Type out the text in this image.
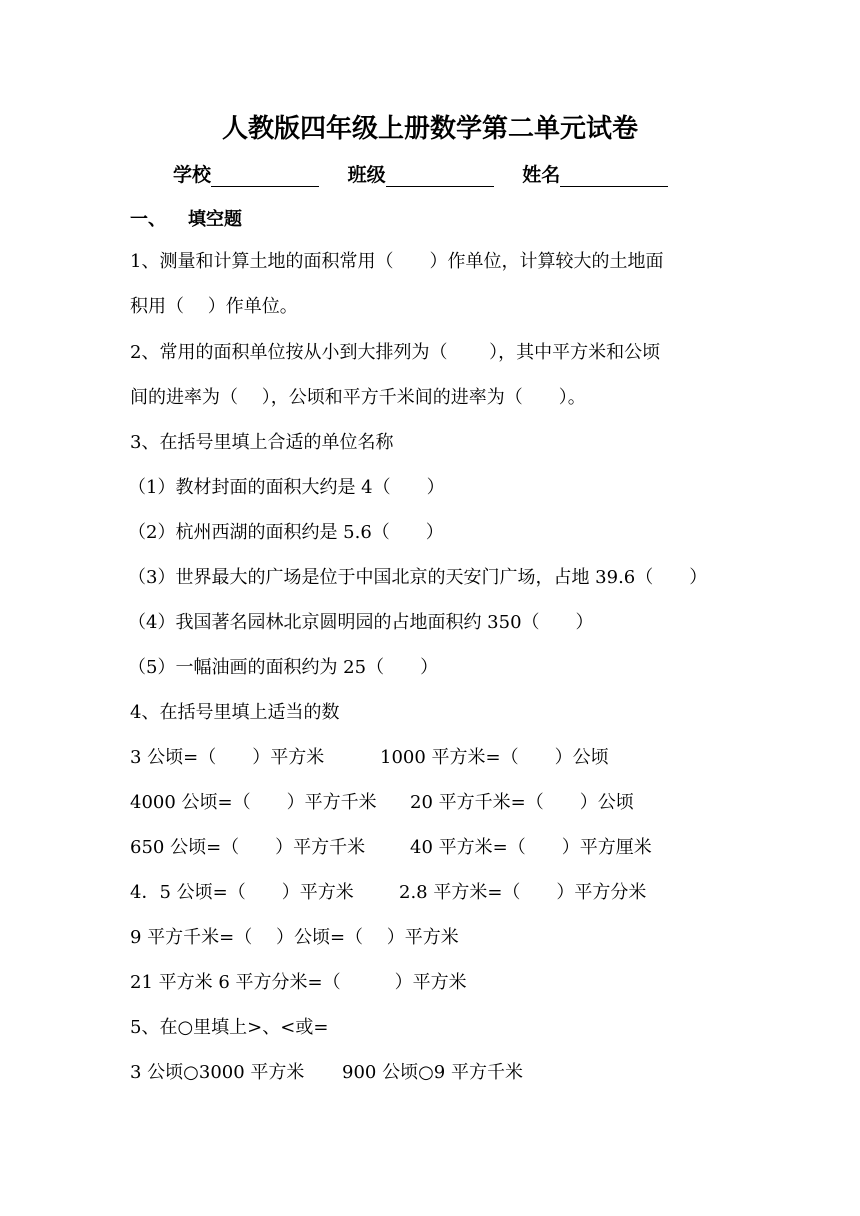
人教版四年级上册数学第二单元试卷
学校	班级	姓名
一、 填空题
1、测量和计算土地的面积常用（　　）作单位，计算较大的土地面
积用（　 ）作单位。
2、常用的面积单位按从小到大排列为（　　 ），其中平方米和公顷
间的进率为（　 ），公顷和平方千米间的进率为（　　）。
3、在括号里填上合适的单位名称
（1）教材封面的面积大约是 4（　　）
（2）杭州西湖的面积约是 5.6（　　）
（3）世界最大的广场是位于中国北京的天安门广场，占地 39.6（　　）
（4）我国著名园林北京圆明园的占地面积约 350（　　）
（5）一幅油画的面积约为 25（　　）
4、在括号里填上适当的数
3 公顷=（　　）平方米	1000 平方米=（　　）公顷
4000 公顷=（　　）平方千米 20 平方千米=（　　）公顷
650 公顷=（　　）平方千米 40 平方米=（　　）平方厘米
4．5 公顷=（　　）平方米	2.8 平方米=（　　）平方分米
9 平方千米=（　 ）公顷=（　 ）平方米
21 平方米 6 平方分米=（　　　）平方米
5、在○里填上>、<或=
3 公顷○3000 平方米 900 公顷○9 平方千米
